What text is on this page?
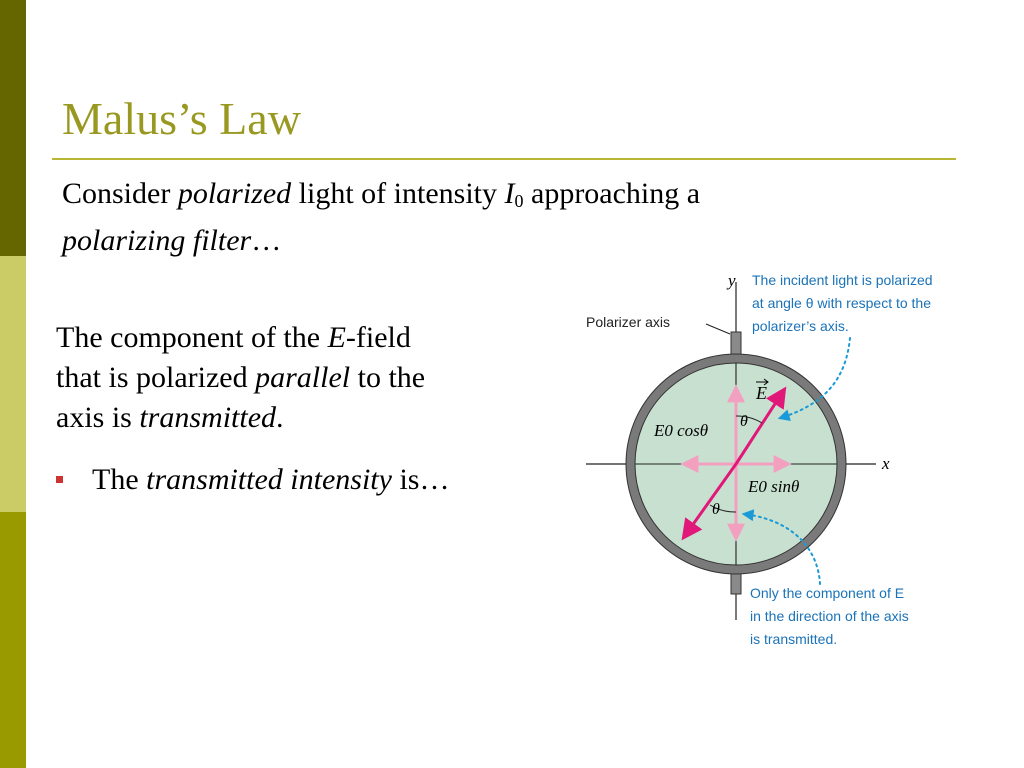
Malus’s Law
Consider polarized light of intensity $I_0$ approaching a
polarizing filter…
The component of the E-field
that is polarized parallel to the
axis is transmitted.
The transmitted intensity is…	x
y
E
θ
θ
E0 cosθ
E0 sinθ
Polarizer axis
The incident light is polarized
at angle θ with respect to the
polarizer’s axis.
Only the component of E
in the direction of the axis
is transmitted.
